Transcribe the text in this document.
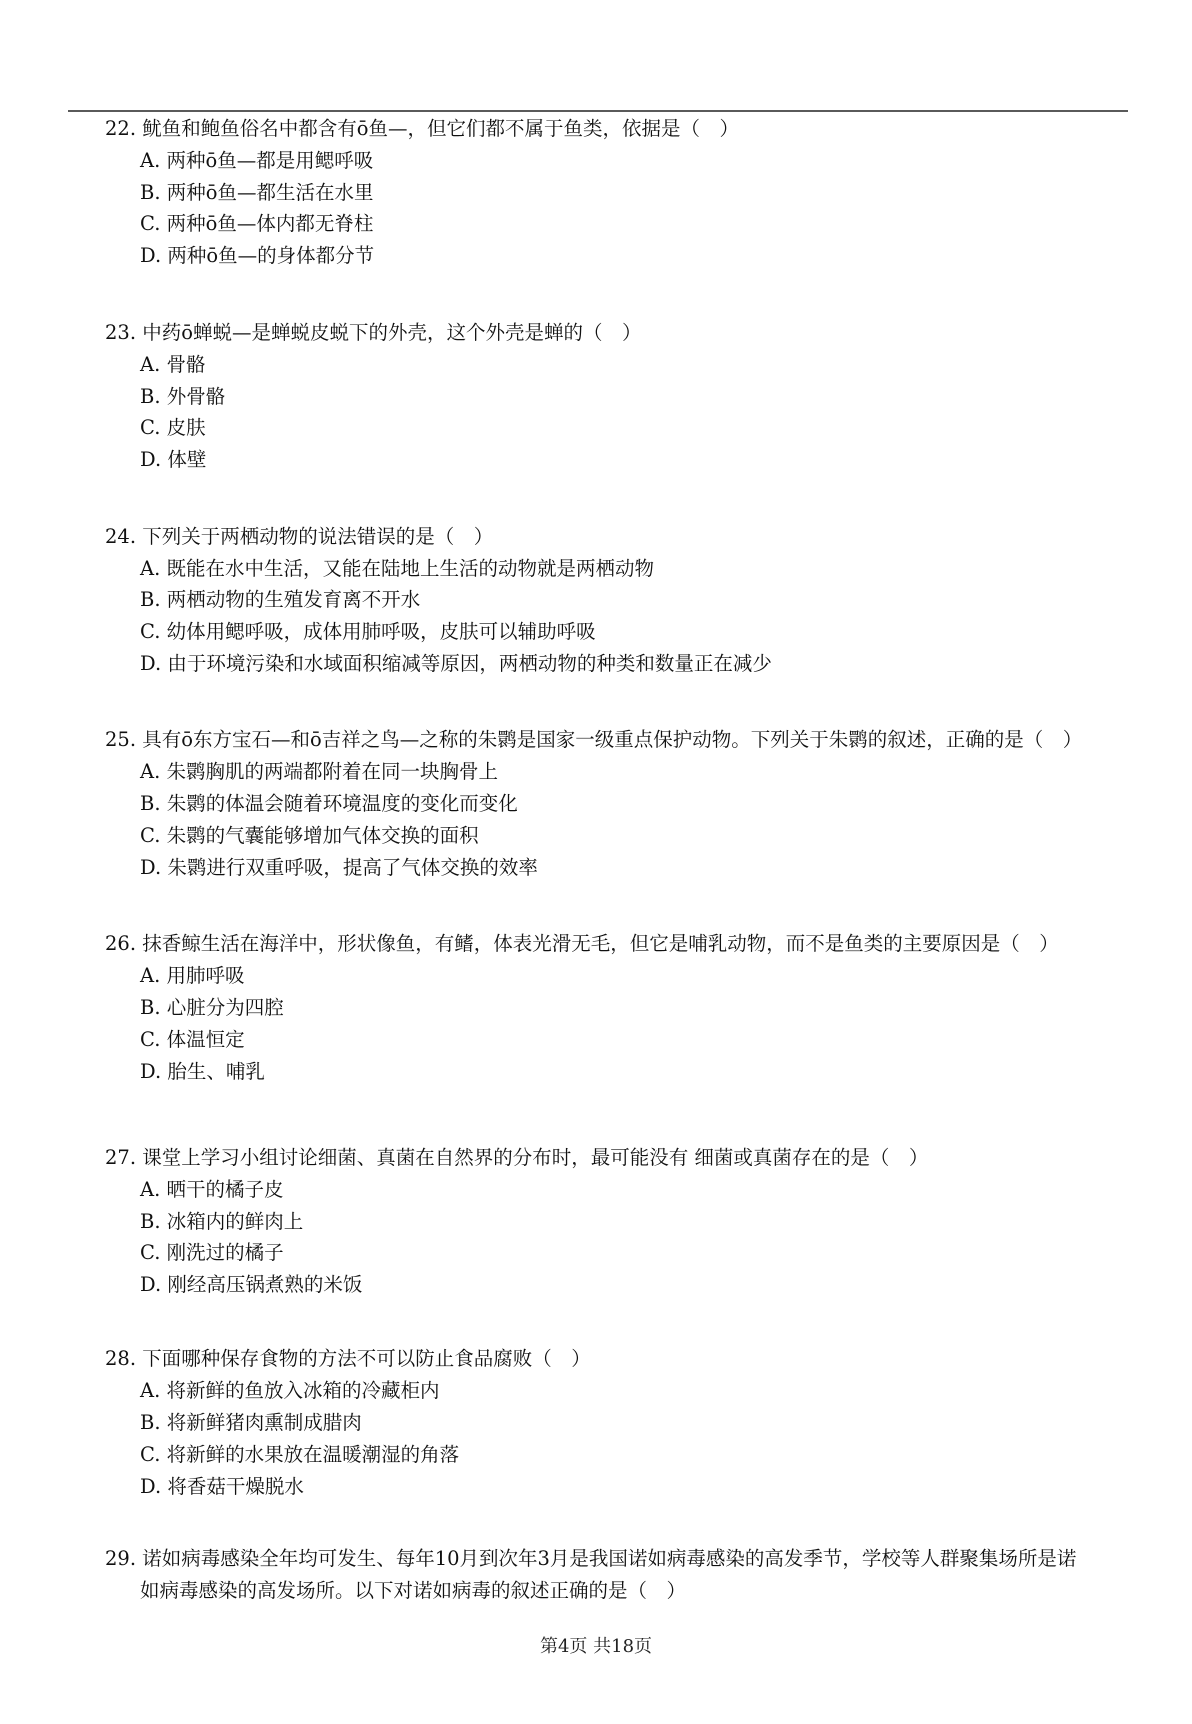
22. 鱿鱼和鲍鱼俗名中都含有ō鱼—，但它们都不属于鱼类，依据是（　）
A. 两种ō鱼—都是用鳃呼吸
B. 两种ō鱼—都生活在水里
C. 两种ō鱼—体内都无脊柱
D. 两种ō鱼—的身体都分节
23. 中药ō蝉蜕—是蝉蜕皮蜕下的外壳，这个外壳是蝉的（　）
A. 骨骼
B. 外骨骼
C. 皮肤
D. 体壁
24. 下列关于两栖动物的说法错误的是（　）
A. 既能在水中生活，又能在陆地上生活的动物就是两栖动物
B. 两栖动物的生殖发育离不开水
C. 幼体用鳃呼吸，成体用肺呼吸，皮肤可以辅助呼吸
D. 由于环境污染和水域面积缩减等原因，两栖动物的种类和数量正在减少
25. 具有ō东方宝石—和ō吉祥之鸟—之称的朱鹮是国家一级重点保护动物。下列关于朱鹮的叙述，正确的是（　）
A. 朱鹮胸肌的两端都附着在同一块胸骨上
B. 朱鹮的体温会随着环境温度的变化而变化
C. 朱鹮的气囊能够增加气体交换的面积
D. 朱鹮进行双重呼吸，提高了气体交换的效率
26. 抹香鲸生活在海洋中，形状像鱼，有鳍，体表光滑无毛，但它是哺乳动物，而不是鱼类的主要原因是（　）
A. 用肺呼吸
B. 心脏分为四腔
C. 体温恒定
D. 胎生、哺乳
27. 课堂上学习小组讨论细菌、真菌在自然界的分布时，最可能没有 细菌或真菌存在的是（　）
A. 晒干的橘子皮
B. 冰箱内的鲜肉上
C. 刚洗过的橘子
D. 刚经高压锅煮熟的米饭
28. 下面哪种保存食物的方法不可以防止食品腐败（　）
A. 将新鲜的鱼放入冰箱的冷藏柜内
B. 将新鲜猪肉熏制成腊肉
C. 将新鲜的水果放在温暖潮湿的角落
D. 将香菇干燥脱水
29. 诺如病毒感染全年均可发生、每年10月到次年3月是我国诺如病毒感染的高发季节，学校等人群聚集场所是诺
如病毒感染的高发场所。以下对诺如病毒的叙述正确的是（　）
第4页 共18页
